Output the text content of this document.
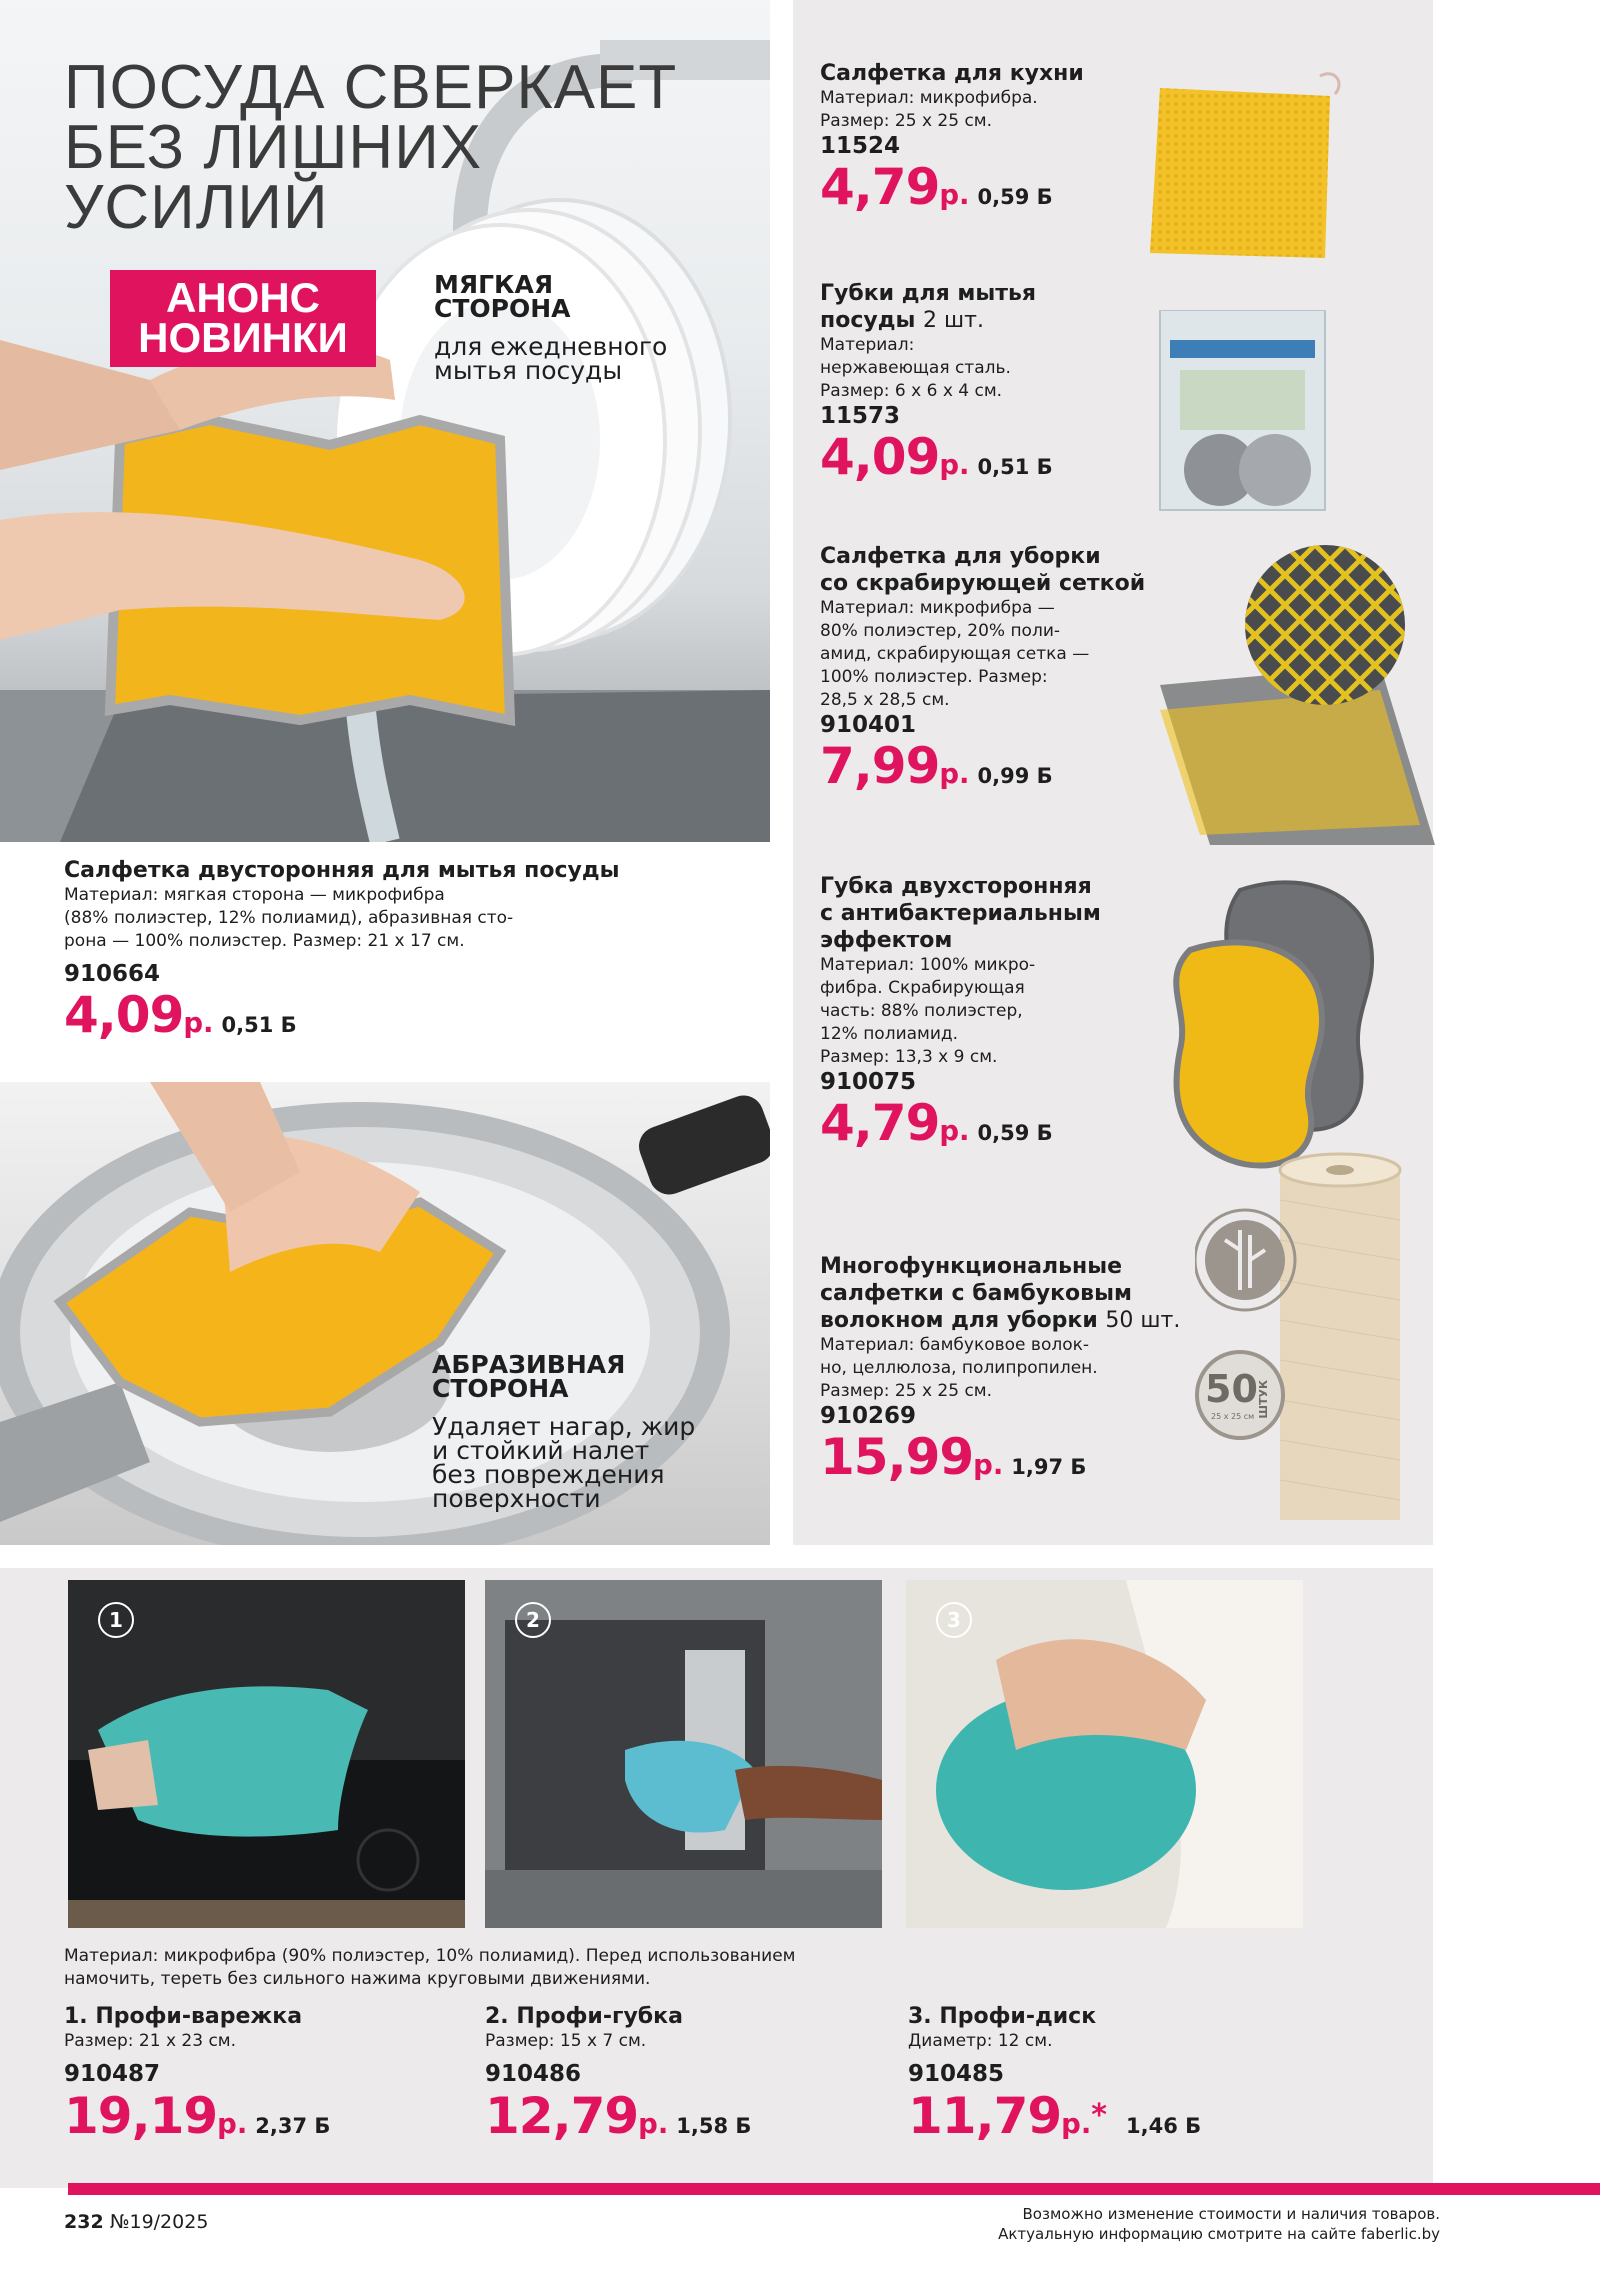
ПОСУДА СВЕРКАЕТ
БЕЗ ЛИШНИХ
УСИЛИЙ
АНОНС
НОВИНКИ
МЯГКАЯ
СТОРОНА
для ежедневного
мытья посуды
Салфетка двусторонняя для мытья посуды
Материал: мягкая сторона — микрофибра
(88% полиэстер, 12% полиамид), абразивная сто-
рона — 100% полиэстер. Размер: 21 x 17 см.
910664
4,09р. 0,51 Б
АБРАЗИВНАЯ
СТОРОНА
Удаляет нагар, жир
и стойкий налет
без повреждения
поверхности
Салфетка для кухни
Материал: микрофибра.
Размер: 25 x 25 см.
11524
4,79р. 0,59 Б
Губки для мытья
посуды 2 шт.
Материал:
нержавеющая сталь.
Размер: 6 x 6 x 4 см.
11573
4,09р. 0,51 Б
Салфетка для уборки
со скрабирующей сеткой
Материал: микрофибра —
80% полиэстер, 20% поли-
амид, скрабирующая сетка —
100% полиэстер. Размер:
28,5 x 28,5 см.
910401
7,99р. 0,99 Б
Губка двухсторонняя
с антибактериальным
эффектом
Материал: 100% микро-
фибра. Скрабирующая
часть: 88% полиэстер,
12% полиамид.
Размер: 13,3 x 9 см.
910075
4,79р. 0,59 Б
Многофункциональные
салфетки с бамбуковым
волокном для уборки 50 шт.
Материал: бамбуковое волок-
но, целлюлоза, полипропилен.
Размер: 25 x 25 см.
910269
15,99р. 1,97 Б
50 ШТУК
25 x 25 см
1	2	3
Материал: микрофибра (90% полиэстер, 10% полиамид). Перед использованием
намочить, тереть без сильного нажима круговыми движениями.
1. Профи-варежка
Размер: 21 x 23 см.
910487
19,19р. 2,37 Б
2. Профи-губка
Размер: 15 x 7 см.
910486
12,79р. 1,58 Б
3. Профи-диск
Диаметр: 12 см.
910485
11,79р.* 1,46 Б
232 №19/2025	Возможно изменение стоимости и наличия товаров.
Актуальную информацию смотрите на сайте faberlic.by
